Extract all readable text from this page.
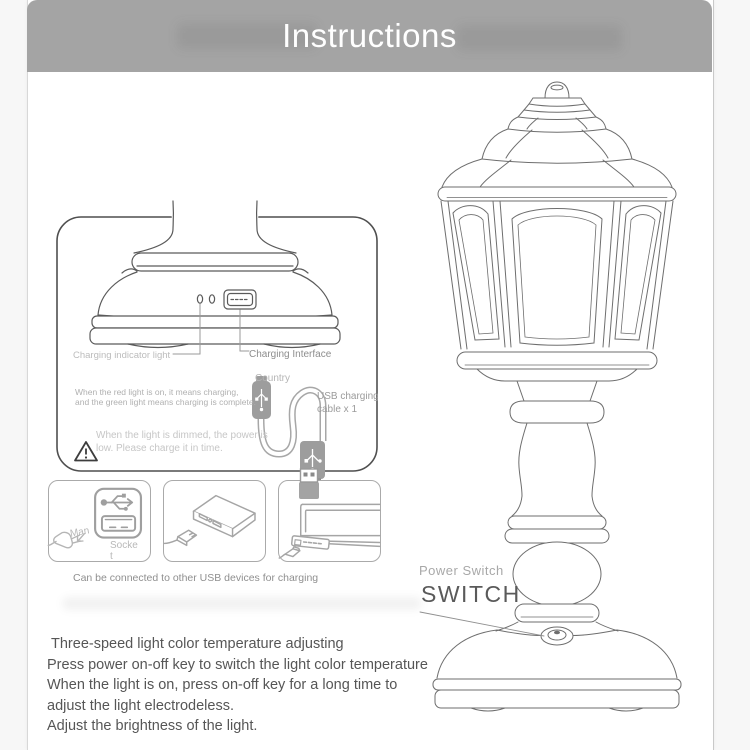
Instructions
Charging indicator light	Charging Interface
When the red light is on, it means charging,
and the green light means charging is complete.
Country
USB charging
cable x 1
When the light is dimmed, the power is
low. Please charge it in time.
Man
Socke
t
Can be connected to other USB devices for charging	Power Switch
SWITCH
Three-speed light color temperature adjusting
Press power on-off key to switch the light color temperature
When the light is on, press on-off key for a long time to
adjust the light electrodeless.
Adjust the brightness of the light.
